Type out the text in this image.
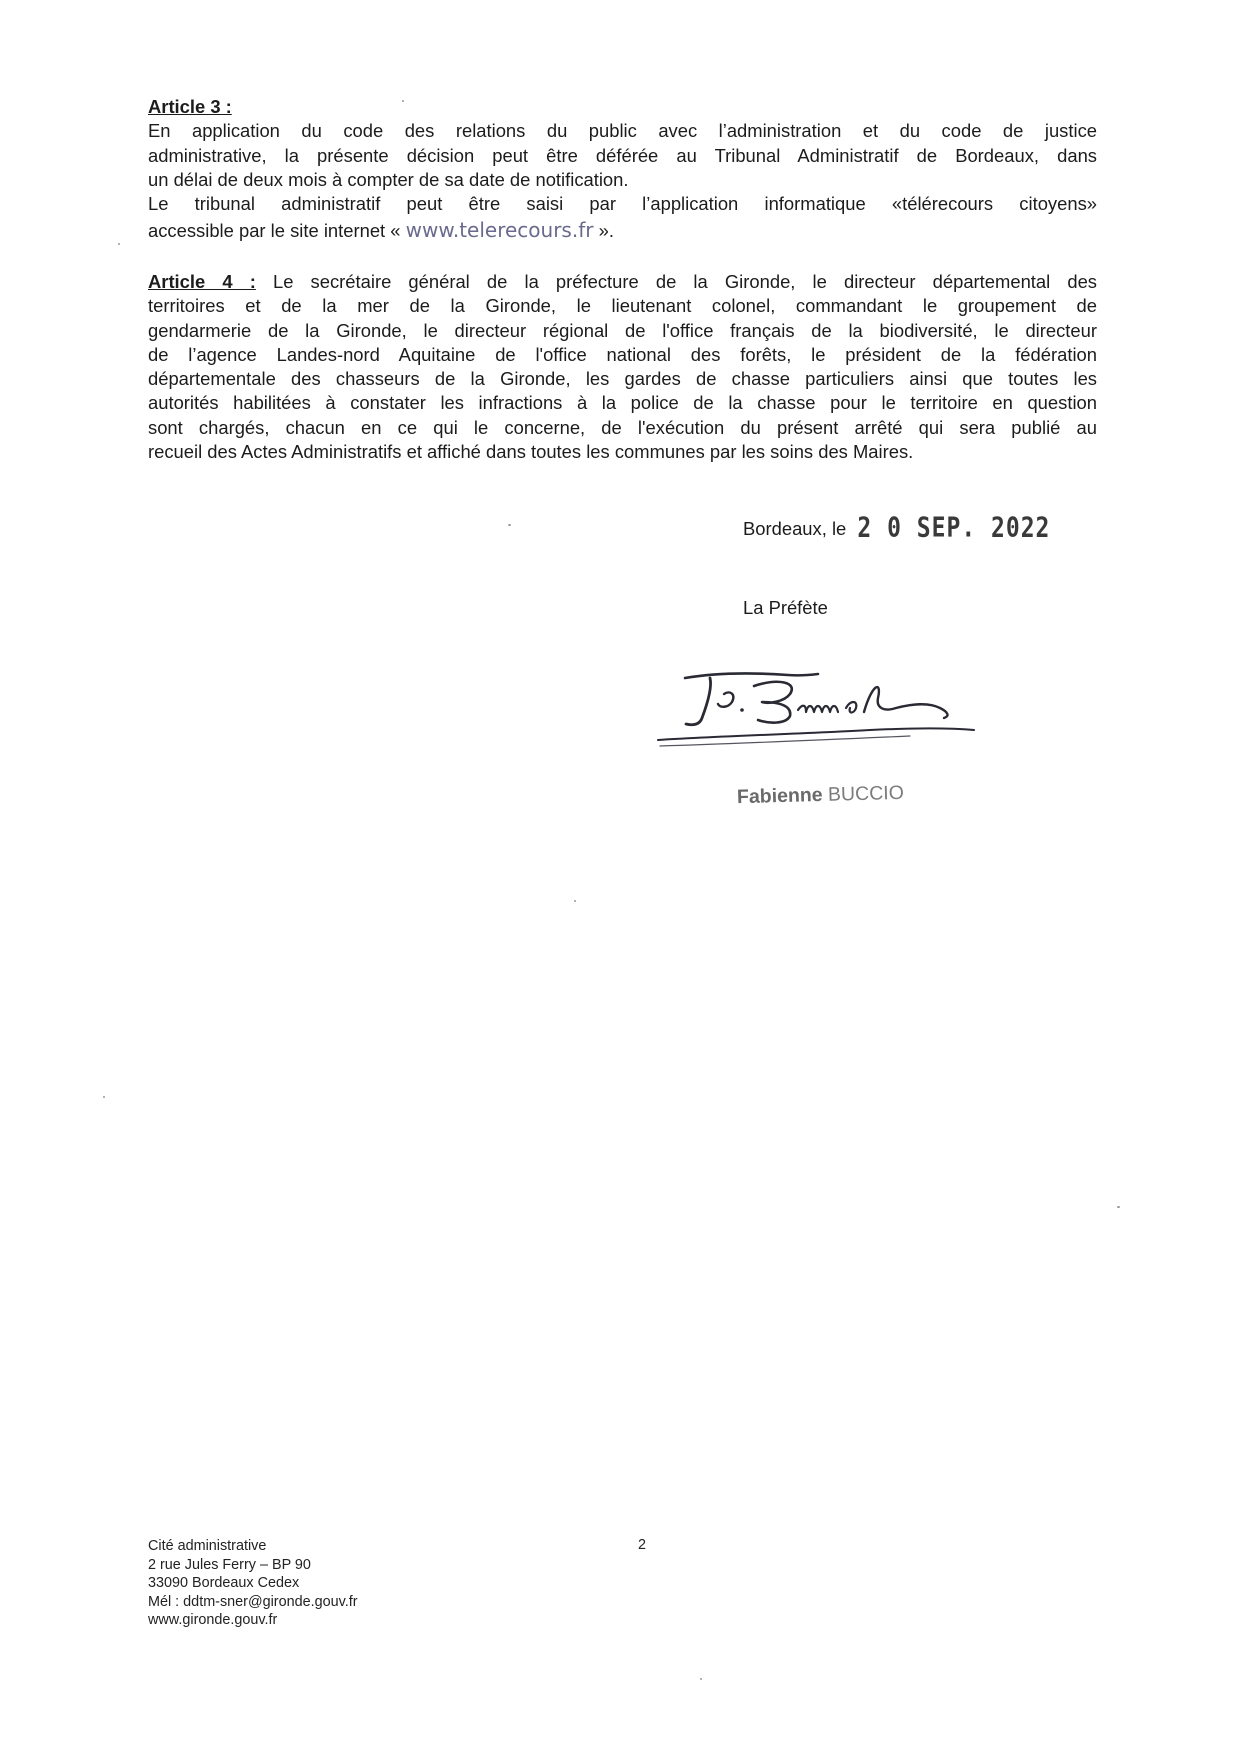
Article 3 :
En application du code des relations du public avec l’administration et du code de justice
administrative, la présente décision peut être déférée au Tribunal Administratif de Bordeaux, dans
un délai de deux mois à compter de sa date de notification.
Le tribunal administratif peut être saisi par l’application informatique «télérecours citoyens»
accessible par le site internet « www.telerecours.fr ».

Article 4 : Le secrétaire général de la préfecture de la Gironde, le directeur départemental des
territoires et de la mer de la Gironde, le lieutenant colonel, commandant le groupement de
gendarmerie de la Gironde, le directeur régional de l'office français de la biodiversité, le directeur
de l’agence Landes-nord Aquitaine de l'office national des forêts, le président de la fédération
départementale des chasseurs de la Gironde, les gardes de chasse particuliers ainsi que toutes les
autorités habilitées à constater les infractions à la police de la chasse pour le territoire en question
sont chargés, chacun en ce qui le concerne, de l'exécution du présent arrêté qui sera publié au
recueil des Actes Administratifs et affiché dans toutes les communes par les soins des Maires.

Bordeaux, le 2 0 SEP. 2022
La Préfète
Fabienne BUCCIO
Cité administrative
2 rue Jules Ferry – BP 90
33090 Bordeaux Cedex
Mél : ddtm-sner@gironde.gouv.fr
www.gironde.gouv.fr
2
